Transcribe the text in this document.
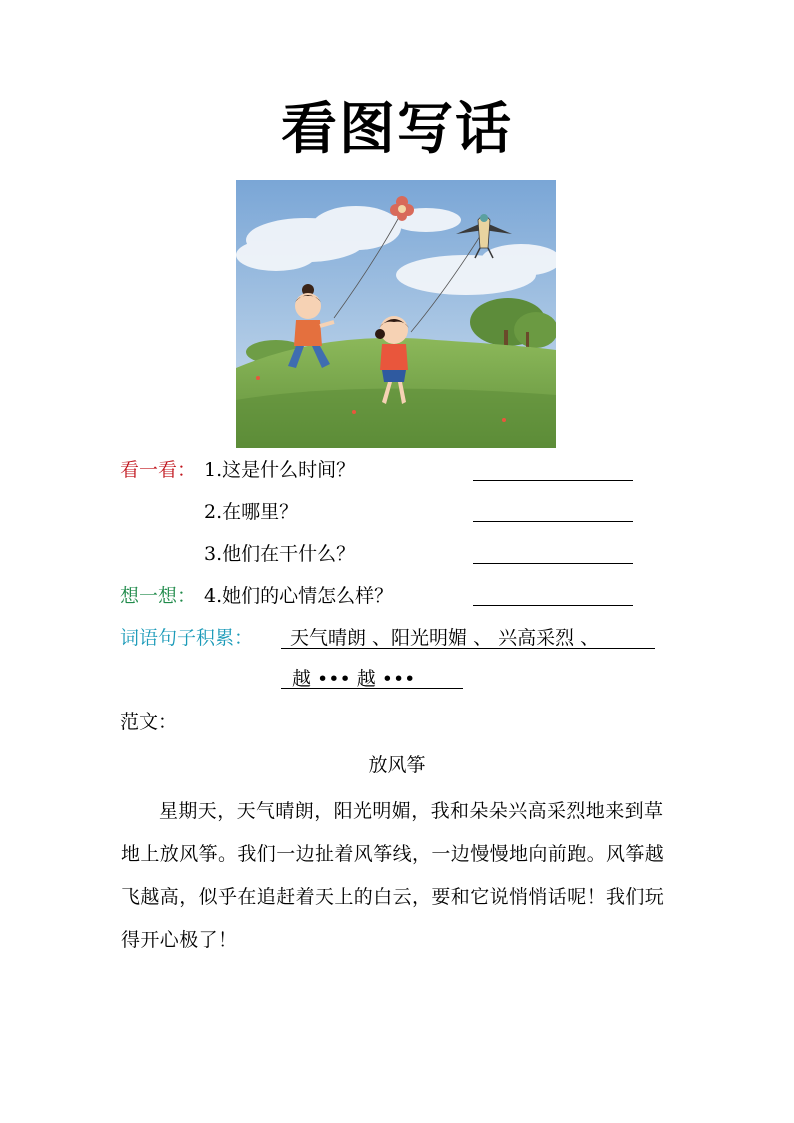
看图写话
看一看： 1.这是什么时间？
2.在哪里？
3.他们在干什么？
想一想： 4.她们的心情怎么样？
词语句子积累： 天气晴朗 、阳光明媚 、 兴高采烈 、
越 ••• 越 •••
范文：
放风筝
星期天，天气晴朗，阳光明媚，我和朵朵兴高采烈地来到草地上放风筝。我们一边扯着风筝线，一边慢慢地向前跑。风筝越飞越高，似乎在追赶着天上的白云，要和它说悄悄话呢！我们玩得开心极了！
